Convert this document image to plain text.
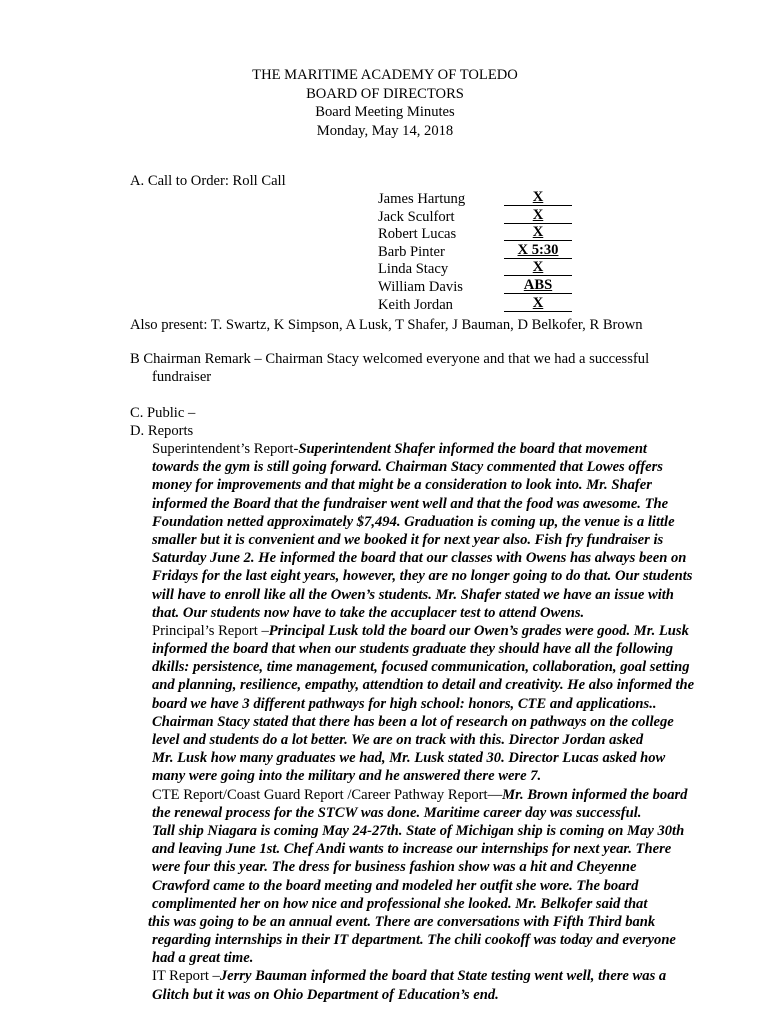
THE MARITIME ACADEMY OF TOLEDO
BOARD OF DIRECTORS
Board Meeting Minutes
Monday, May 14, 2018
A. Call to Order: Roll Call
James Hartung	X
Jack Sculfort	X
Robert Lucas	X
Barb Pinter	X 5:30
Linda Stacy	X
William Davis	ABS
Keith Jordan	X
Also present: T. Swartz, K Simpson, A Lusk, T Shafer, J Bauman, D Belkofer, R Brown
B Chairman Remark – Chairman Stacy welcomed everyone and that we had a successful
fundraiser
C. Public –
D. Reports
Superintendent’s Report-Superintendent Shafer informed the board that movement
towards the gym is still going forward. Chairman Stacy commented that Lowes offers
money for improvements and that might be a consideration to look into. Mr. Shafer
informed the Board that the fundraiser went well and that the food was awesome. The
Foundation netted approximately $7,494. Graduation is coming up, the venue is a little
smaller but it is convenient and we booked it for next year also. Fish fry fundraiser is
Saturday June 2. He informed the board that our classes with Owens has always been on
Fridays for the last eight years, however, they are no longer going to do that. Our students
will have to enroll like all the Owen’s students. Mr. Shafer stated we have an issue with
that. Our students now have to take the accuplacer test to attend Owens.
Principal’s Report –Principal Lusk told the board our Owen’s grades were good. Mr. Lusk
informed the board that when our students graduate they should have all the following
dkills: persistence, time management, focused communication, collaboration, goal setting
and planning, resilience, empathy, attendtion to detail and creativity. He also informed the
board we have 3 different pathways for high school: honors, CTE and applications..
Chairman Stacy stated that there has been a lot of research on pathways on the college
level and students do a lot better. We are on track with this. Director Jordan asked
Mr. Lusk how many graduates we had, Mr. Lusk stated 30. Director Lucas asked how
many were going into the military and he answered there were 7.
CTE Report/Coast Guard Report /Career Pathway Report—Mr. Brown informed the board
the renewal process for the STCW was done. Maritime career day was successful.
Tall ship Niagara is coming May 24-27th. State of Michigan ship is coming on May 30th
and leaving June 1st. Chef Andi wants to increase our internships for next year. There
were four this year. The dress for business fashion show was a hit and Cheyenne
Crawford came to the board meeting and modeled her outfit she wore. The board
complimented her on how nice and professional she looked. Mr. Belkofer said that
this was going to be an annual event. There are conversations with Fifth Third bank
regarding internships in their IT department. The chili cookoff was today and everyone
had a great time.
IT Report –Jerry Bauman informed the board that State testing went well, there was a
Glitch but it was on Ohio Department of Education’s end.
